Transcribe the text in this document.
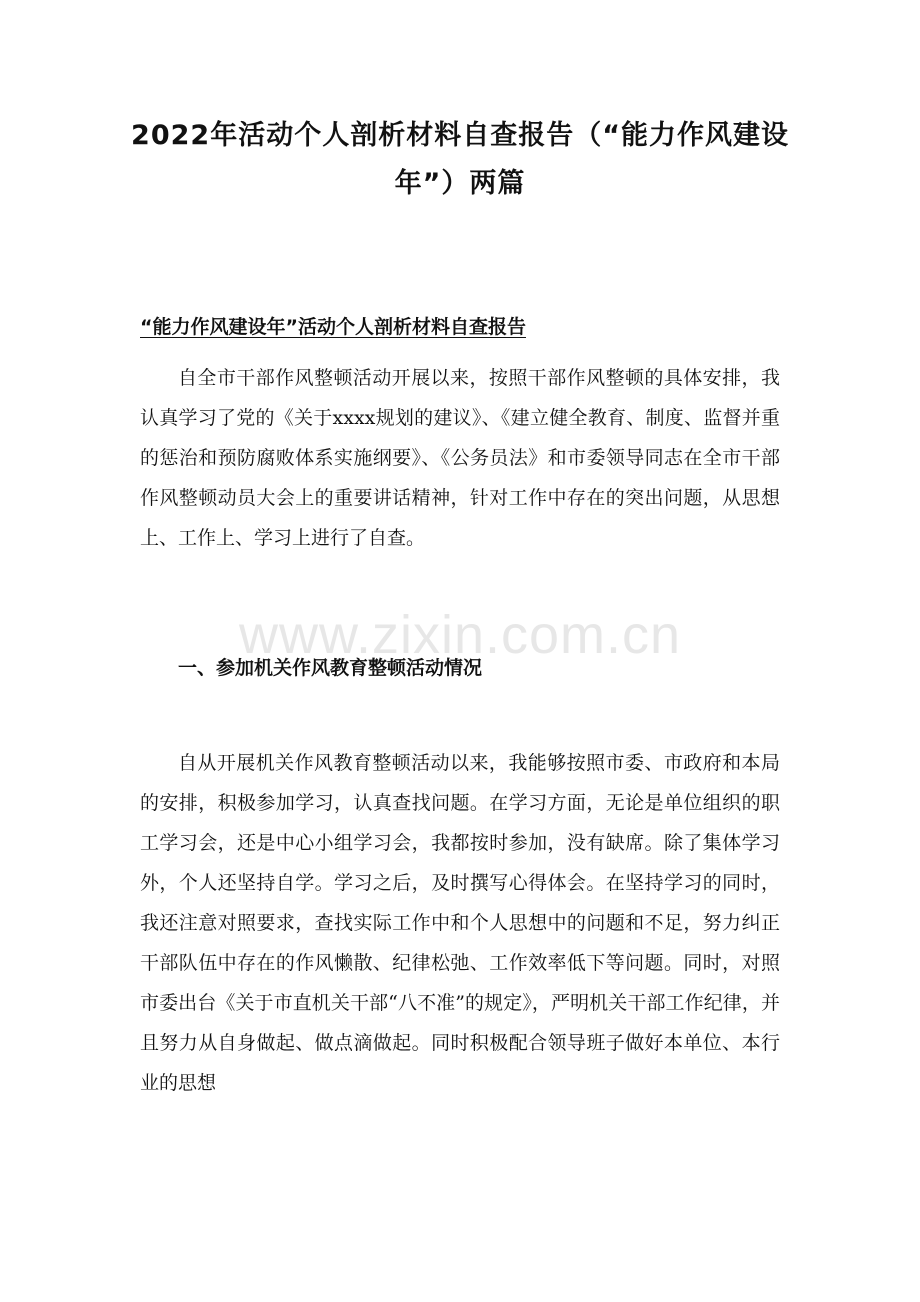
2022年活动个人剖析材料自查报告（“能力作风建设年”）两篇
“能力作风建设年”活动个人剖析材料自查报告

自全市干部作风整顿活动开展以来，按照干部作风整顿的具体安排，我认真学习了党的《关于xxxx规划的建议》、《建立健全教育、制度、监督并重的惩治和预防腐败体系实施纲要》、《公务员法》和市委领导同志在全市干部作风整顿动员大会上的重要讲话精神，针对工作中存在的突出问题，从思想上、工作上、学习上进行了自查。

一、参加机关作风教育整顿活动情况

自从开展机关作风教育整顿活动以来，我能够按照市委、市政府和本局的安排，积极参加学习，认真查找问题。在学习方面，无论是单位组织的职工学习会，还是中心小组学习会，我都按时参加，没有缺席。除了集体学习外，个人还坚持自学。学习之后，及时撰写心得体会。在坚持学习的同时，我还注意对照要求，查找实际工作中和个人思想中的问题和不足，努力纠正干部队伍中存在的作风懒散、纪律松弛、工作效率低下等问题。同时，对照市委出台《关于市直机关干部“八不准”的规定》，严明机关干部工作纪律，并且努力从自身做起、做点滴做起。同时积极配合领导班子做好本单位、本行业的思想

www.zixin.com.cn
